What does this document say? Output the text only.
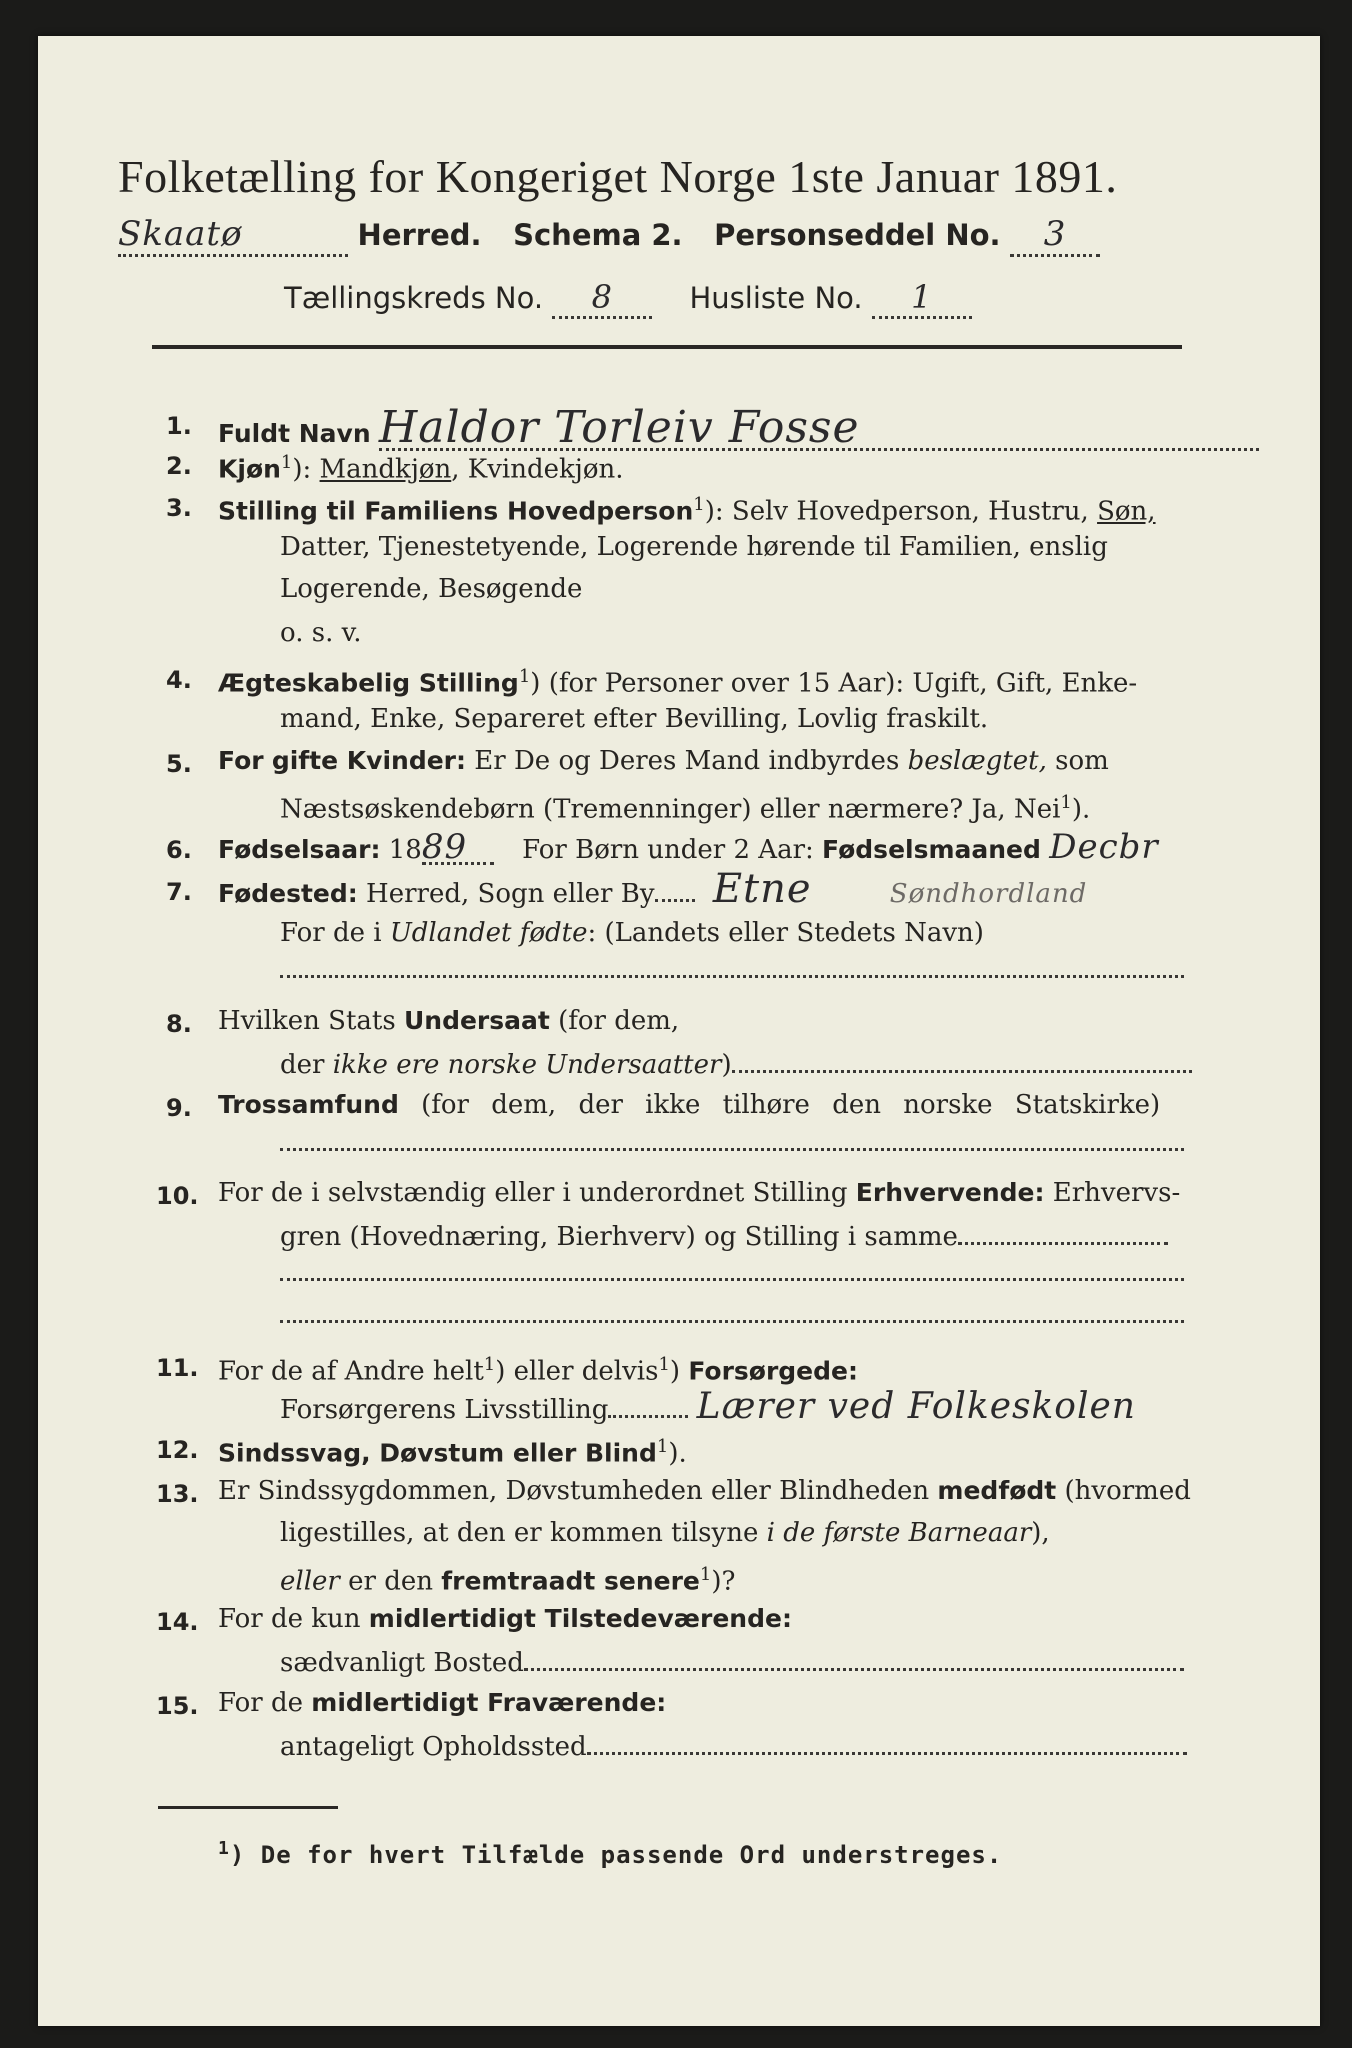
Folketælling for Kongeriget Norge 1ste Januar 1891.
Skaatø	Herred. Schema 2. Personseddel No. 3
Tællingskreds No. 8	Husliste No. 1
1. Fuldt Navn Haldor Torleiv Fosse
2. Kjøn$^1$): Mandkjøn, Kvindekjøn.
3. Stilling til Familiens Hovedperson$^1$): Selv Hovedperson, Hustru, Søn,
Datter, Tjenestetyende, Logerende hørende til Familien, enslig
Logerende, Besøgende
o. s. v.
4. Ægteskabelig Stilling$^1$) (for Personer over 15 Aar): Ugift, Gift, Enke-
mand, Enke, Separeret efter Bevilling, Lovlig fraskilt.
5. For gifte Kvinder: Er De og Deres Mand indbyrdes beslægtet, som
Næstsøskendebørn (Tremenninger) eller nærmere? Ja, Nei$^1$).
6. Fødselsaar: 1889 For Børn under 2 Aar: Fødselsmaaned Decbr
7. Fødested: Herred, Sogn eller By Etne	Søndhordland
For de i Udlandet fødte: (Landets eller Stedets Navn)
8. Hvilken Stats Undersaat (for dem,
der ikke ere norske Undersaatter)
9. Trossamfund (for dem, der ikke tilhøre den norske Statskirke)
10. For de i selvstændig eller i underordnet Stilling Erhvervende: Erhvervs-
gren (Hovednæring, Bierhverv) og Stilling i samme
11. For de af Andre helt$^1$) eller delvis$^1$) Forsørgede:
Forsørgerens Livsstilling Lærer ved Folkeskolen
12. Sindssvag, Døvstum eller Blind$^1$).
13. Er Sindssygdommen, Døvstumheden eller Blindheden medfødt (hvormed
ligestilles, at den er kommen tilsyne i de første Barneaar),
eller er den fremtraadt senere$^1$)?
14. For de kun midlertidigt Tilstedeværende:
sædvanligt Bosted
15. For de midlertidigt Fraværende:
antageligt Opholdssted
$^1$) De for hvert Tilfælde passende Ord understreges.
